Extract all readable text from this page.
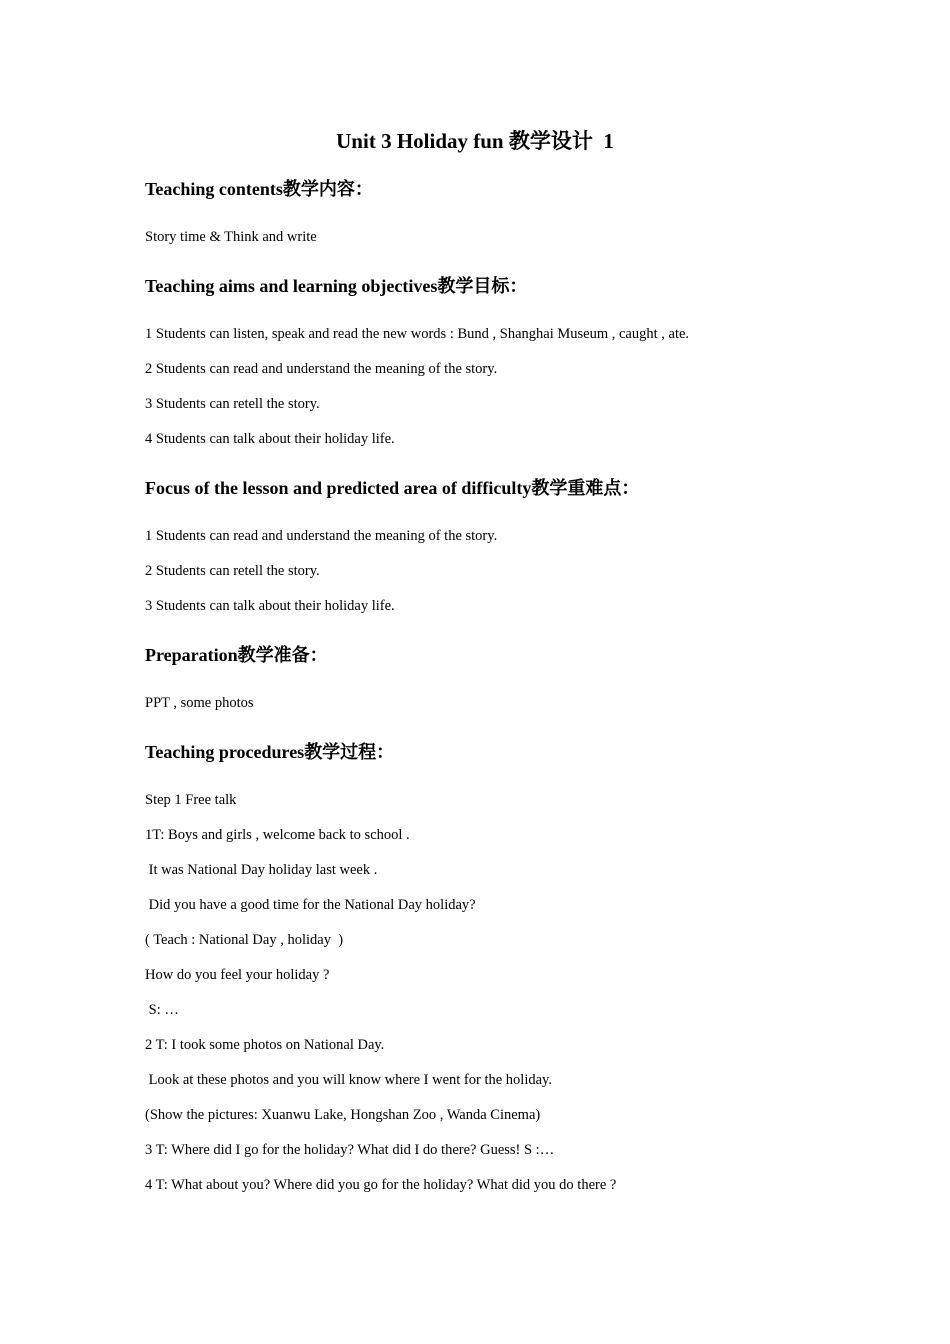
Unit 3 Holiday fun 教学设计  1
Teaching contents教学内容：

Story time & Think and write

Teaching aims and learning objectives教学目标：

1 Students can listen, speak and read the new words : Bund , Shanghai Museum , caught , ate.

2 Students can read and understand the meaning of the story.

3 Students can retell the story.

4 Students can talk about their holiday life.

Focus of the lesson and predicted area of difficulty教学重难点：

1 Students can read and understand the meaning of the story.

2 Students can retell the story.

3 Students can talk about their holiday life.

Preparation教学准备：

PPT , some photos

Teaching procedures教学过程：

Step 1 Free talk

1T: Boys and girls , welcome back to school .

It was National Day holiday last week .

Did you have a good time for the National Day holiday?

( Teach : National Day , holiday  )

How do you feel your holiday ?

S: …

2 T: I took some photos on National Day.

Look at these photos and you will know where I went for the holiday.

(Show the pictures: Xuanwu Lake, Hongshan Zoo , Wanda Cinema)

3 T: Where did I go for the holiday? What did I do there? Guess! S :…

4 T: What about you? Where did you go for the holiday? What did you do there ?
